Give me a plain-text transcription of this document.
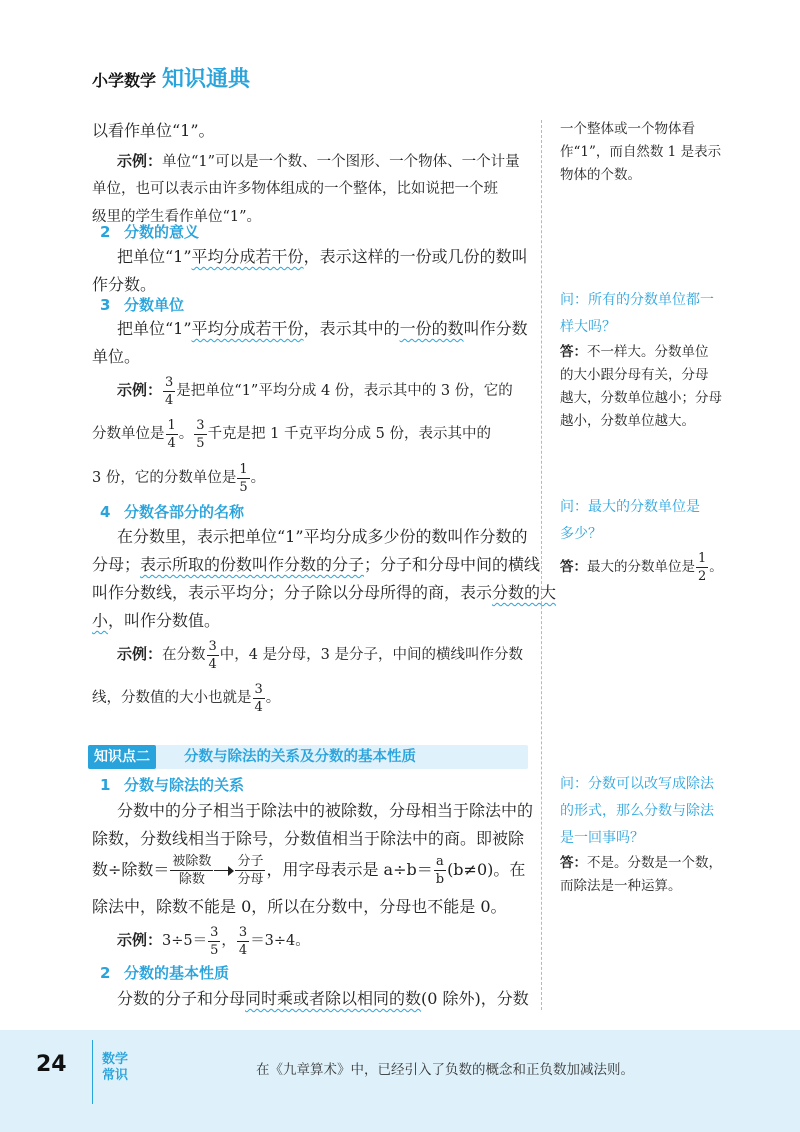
小学数学 知识通典
以看作单位“1”。
示例：单位“1”可以是一个数、一个图形、一个物体、一个计量
单位，也可以表示由许多物体组成的一个整体，比如说把一个班
级里的学生看作单位“1”。
2 分数的意义
把单位“1”平均分成若干份，表示这样的一份或几份的数叫
作分数。
3 分数单位
把单位“1”平均分成若干份，表示其中的一份的数叫作分数
单位。
示例： $\frac{3}{4}$ 是把单位“1”平均分成 4 份，表示其中的 3 份，它的
分数单位是 $\frac{1}{4}$ 。 $\frac{3}{5}$ 千克是把 1 千克平均分成 5 份，表示其中的
3 份，它的分数单位是 $\frac{1}{5}$ 。
4 分数各部分的名称
在分数里，表示把单位“1”平均分成多少份的数叫作分数的
分母；表示所取的份数叫作分数的分子；分子和分母中间的横线
叫作分数线，表示平均分；分子除以分母所得的商，表示分数的大
小，叫作分数值。
示例：在分数 $\frac{3}{4}$ 中，4 是分母，3 是分子，中间的横线叫作分数
线，分数值的大小也就是 $\frac{3}{4}$ 。
知识点二	分数与除法的关系及分数的基本性质
1 分数与除法的关系
分数中的分子相当于除法中的被除数，分母相当于除法中的
除数，分数线相当于除号，分数值相当于除法中的商。即被除
数÷除数＝ $\frac{\text{被除数}}{\text{除数}} \frac{\text{分子}}{\text{分母}}$ ，用字母表示是 $a\div b= \frac{a}{b} (b\ne 0)$。在
除法中，除数不能是 0，所以在分数中，分母也不能是 0。
示例：$3\div 5= \frac{3}{5}$ ， $\frac{3}{4} =3\div 4$。
2 分数的基本性质
分数的分子和分母同时乘或者除以相同的数(0 除外)，分数
一个整体或一个物体看
作“1”，而自然数 1 是表示
物体的个数。
问：所有的分数单位都一
样大吗？
答：不一样大。分数单位
的大小跟分母有关，分母
越大，分数单位越小；分母
越小，分数单位越大。
问：最大的分数单位是
多少？
答：最大的分数单位是 $\frac{1}{2}$ 。
问：分数可以改写成除法
的形式，那么分数与除法
是一回事吗？
答：不是。分数是一个数，
而除法是一种运算。
24	数学
常识	在《九章算术》中，已经引入了负数的概念和正负数加减法则。
